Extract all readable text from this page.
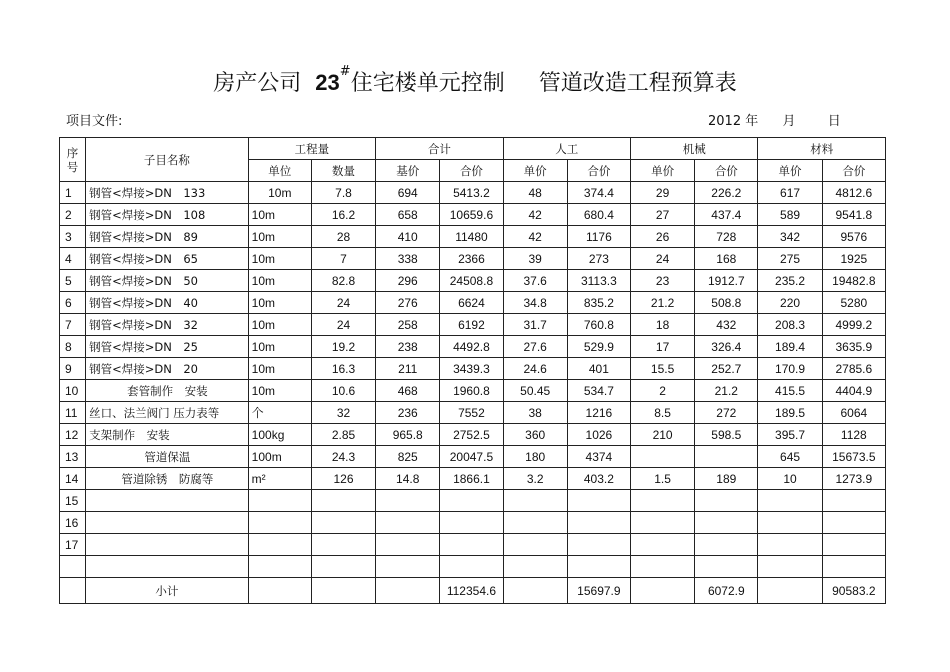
房产公司 23#住宅楼单元控制 管道改造工程预算表
项目文件:	2012 年 月 日
序号	子目名称	工程量		合计		人工		机械		材料	
		单位	数量	基价	合价	单价	合价	单价	合价	单价	合价
1	钢管<焊接>DN　133	10m	7.8	694	5413.2	48	374.4	29	226.2	617	4812.6
2	钢管<焊接>DN　108	10m	16.2	658	10659.6	42	680.4	27	437.4	589	9541.8
3	钢管<焊接>DN　89	10m	28	410	11480	42	1176	26	728	342	9576
4	钢管<焊接>DN　65	10m	7	338	2366	39	273	24	168	275	1925
5	钢管<焊接>DN　50	10m	82.8	296	24508.8	37.6	3113.3	23	1912.7	235.2	19482.8
6	钢管<焊接>DN　40	10m	24	276	6624	34.8	835.2	21.2	508.8	220	5280
7	钢管<焊接>DN　32	10m	24	258	6192	31.7	760.8	18	432	208.3	4999.2
8	钢管<焊接>DN　25	10m	19.2	238	4492.8	27.6	529.9	17	326.4	189.4	3635.9
9	钢管<焊接>DN　20	10m	16.3	211	3439.3	24.6	401	15.5	252.7	170.9	2785.6
10	套管制作　安装	10m	10.6	468	1960.8	50.45	534.7	2	21.2	415.5	4404.9
11	丝口、法兰阀门 压力表等	个	32	236	7552	38	1216	8.5	272	189.5	6064
12	支架制作　安装	100kg	2.85	965.8	2752.5	360	1026	210	598.5	395.7	1128
13	管道保温	100m	24.3	825	20047.5	180	4374			645	15673.5
14	管道除锈　防腐等	m²	126	14.8	1866.1	3.2	403.2	1.5	189	10	1273.9
15											
16											
17											

	小计				112354.6		15697.9		6072.9		90583.2
